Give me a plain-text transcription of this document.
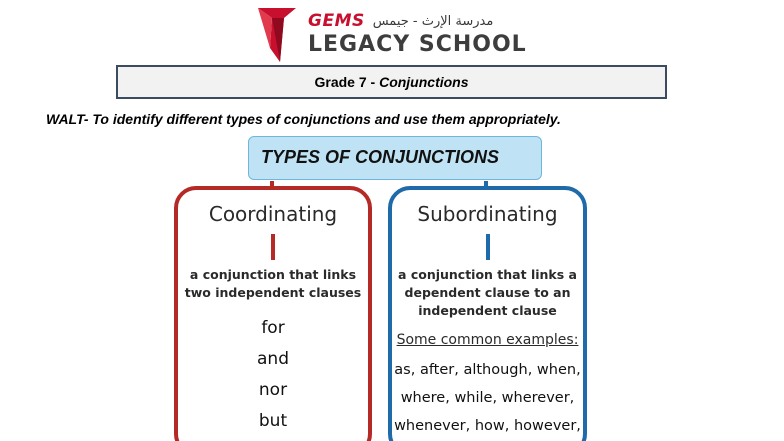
GEMS مدرسة الإرث - جيمس
LEGACY SCHOOL
Grade 7 - Conjunctions
WALT- To identify different types of conjunctions and use them appropriately.
TYPES OF CONJUNCTIONS
Coordinating
a conjunction that links two independent clauses
for
and
nor
but
Subordinating
a conjunction that links a dependent clause to an independent clause
Some common examples:
as, after, although, when,
where, while, wherever,
whenever, how, however,
